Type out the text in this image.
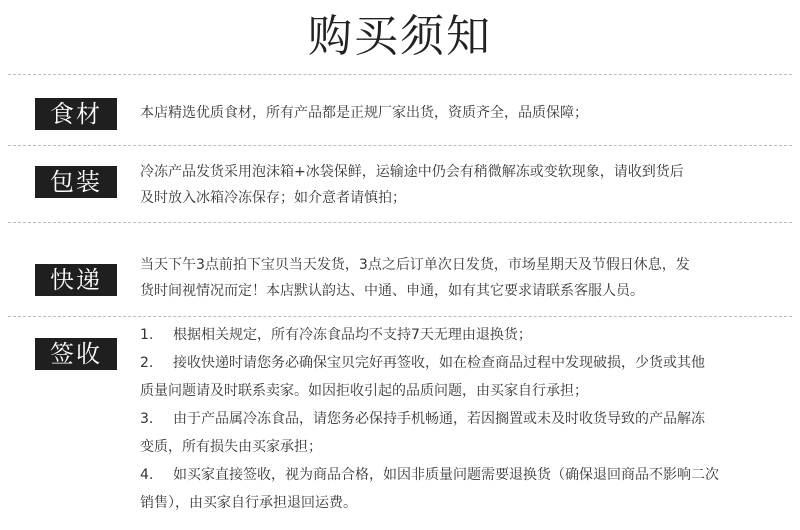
购买须知
食材	本店精选优质食材，所有产品都是正规厂家出货，资质齐全，品质保障；

包装	冷冻产品发货采用泡沫箱+冰袋保鲜，运输途中仍会有稍微解冻或变软现象，请收到货后

及时放入冰箱冷冻保存；如介意者请慎拍；

快递

当天下午3点前拍下宝贝当天发货，3点之后订单次日发货，市场星期天及节假日休息，发

货时间视情况而定！本店默认韵达、中通、申通，如有其它要求请联系客服人员。

签收
1. 根据相关规定，所有冷冻食品均不支持7天无理由退换货；
2. 接收快递时请您务必确保宝贝完好再签收，如在检查商品过程中发现破损，少货或其他
质量问题请及时联系卖家。如因拒收引起的品质问题，由买家自行承担；
3. 由于产品属冷冻食品，请您务必保持手机畅通，若因搁置或未及时收货导致的产品解冻
变质，所有损失由买家承担；
4. 如买家直接签收，视为商品合格，如因非质量问题需要退换货（确保退回商品不影响二次
销售），由买家自行承担退回运费。
